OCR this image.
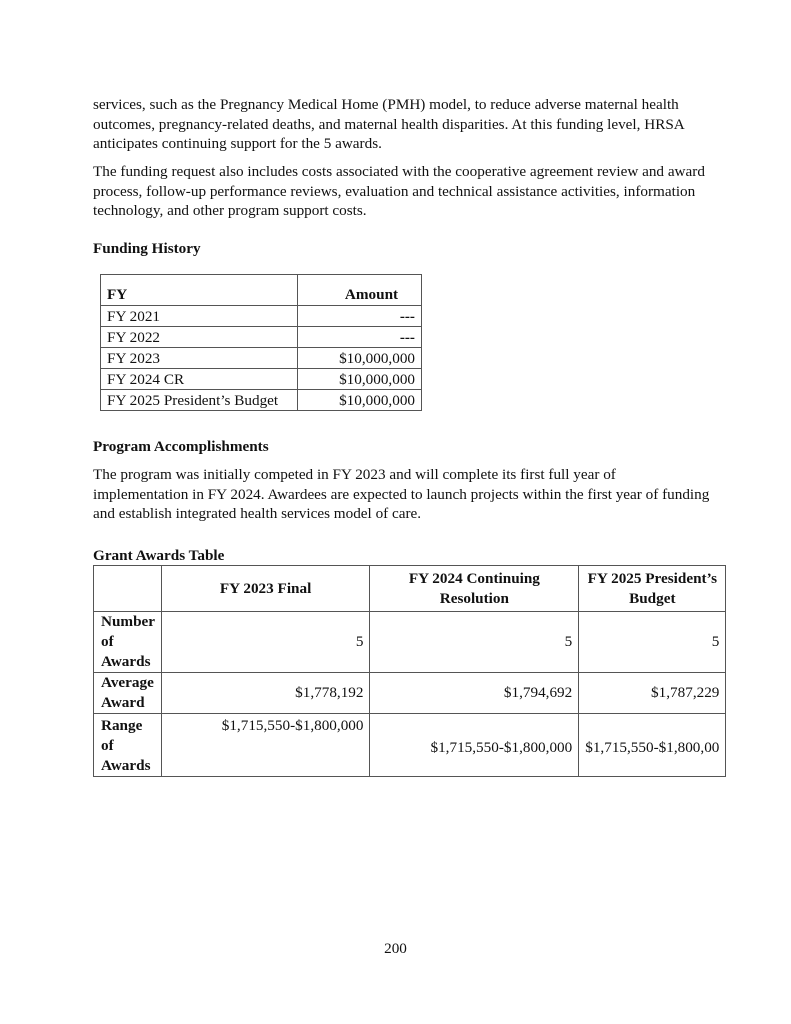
services, such as the Pregnancy Medical Home (PMH) model, to reduce adverse maternal health outcomes, pregnancy-related deaths, and maternal health disparities. At this funding level, HRSA anticipates continuing support for the 5 awards.

The funding request also includes costs associated with the cooperative agreement review and award process, follow-up performance reviews, evaluation and technical assistance activities, information technology, and other program support costs.

Funding History
FY	Amount
FY 2021	---
FY 2022	---
FY 2023	$10,000,000
FY 2024 CR	$10,000,000
FY 2025 President’s Budget	$10,000,000
Program Accomplishments

The program was initially competed in FY 2023 and will complete its first full year of implementation in FY 2024. Awardees are expected to launch projects within the first year of funding and establish integrated health services model of care.

Grant Awards Table
	FY 2023 Final	FY 2024 Continuing Resolution	FY 2025 President’s Budget
Number of Awards	5	5	5
Average Award	$1,778,192	$1,794,692	$1,787,229
Range of Awards	$1,715,550-$1,800,000	$1,715,550-$1,800,000	$1,715,550-$1,800,00
200
